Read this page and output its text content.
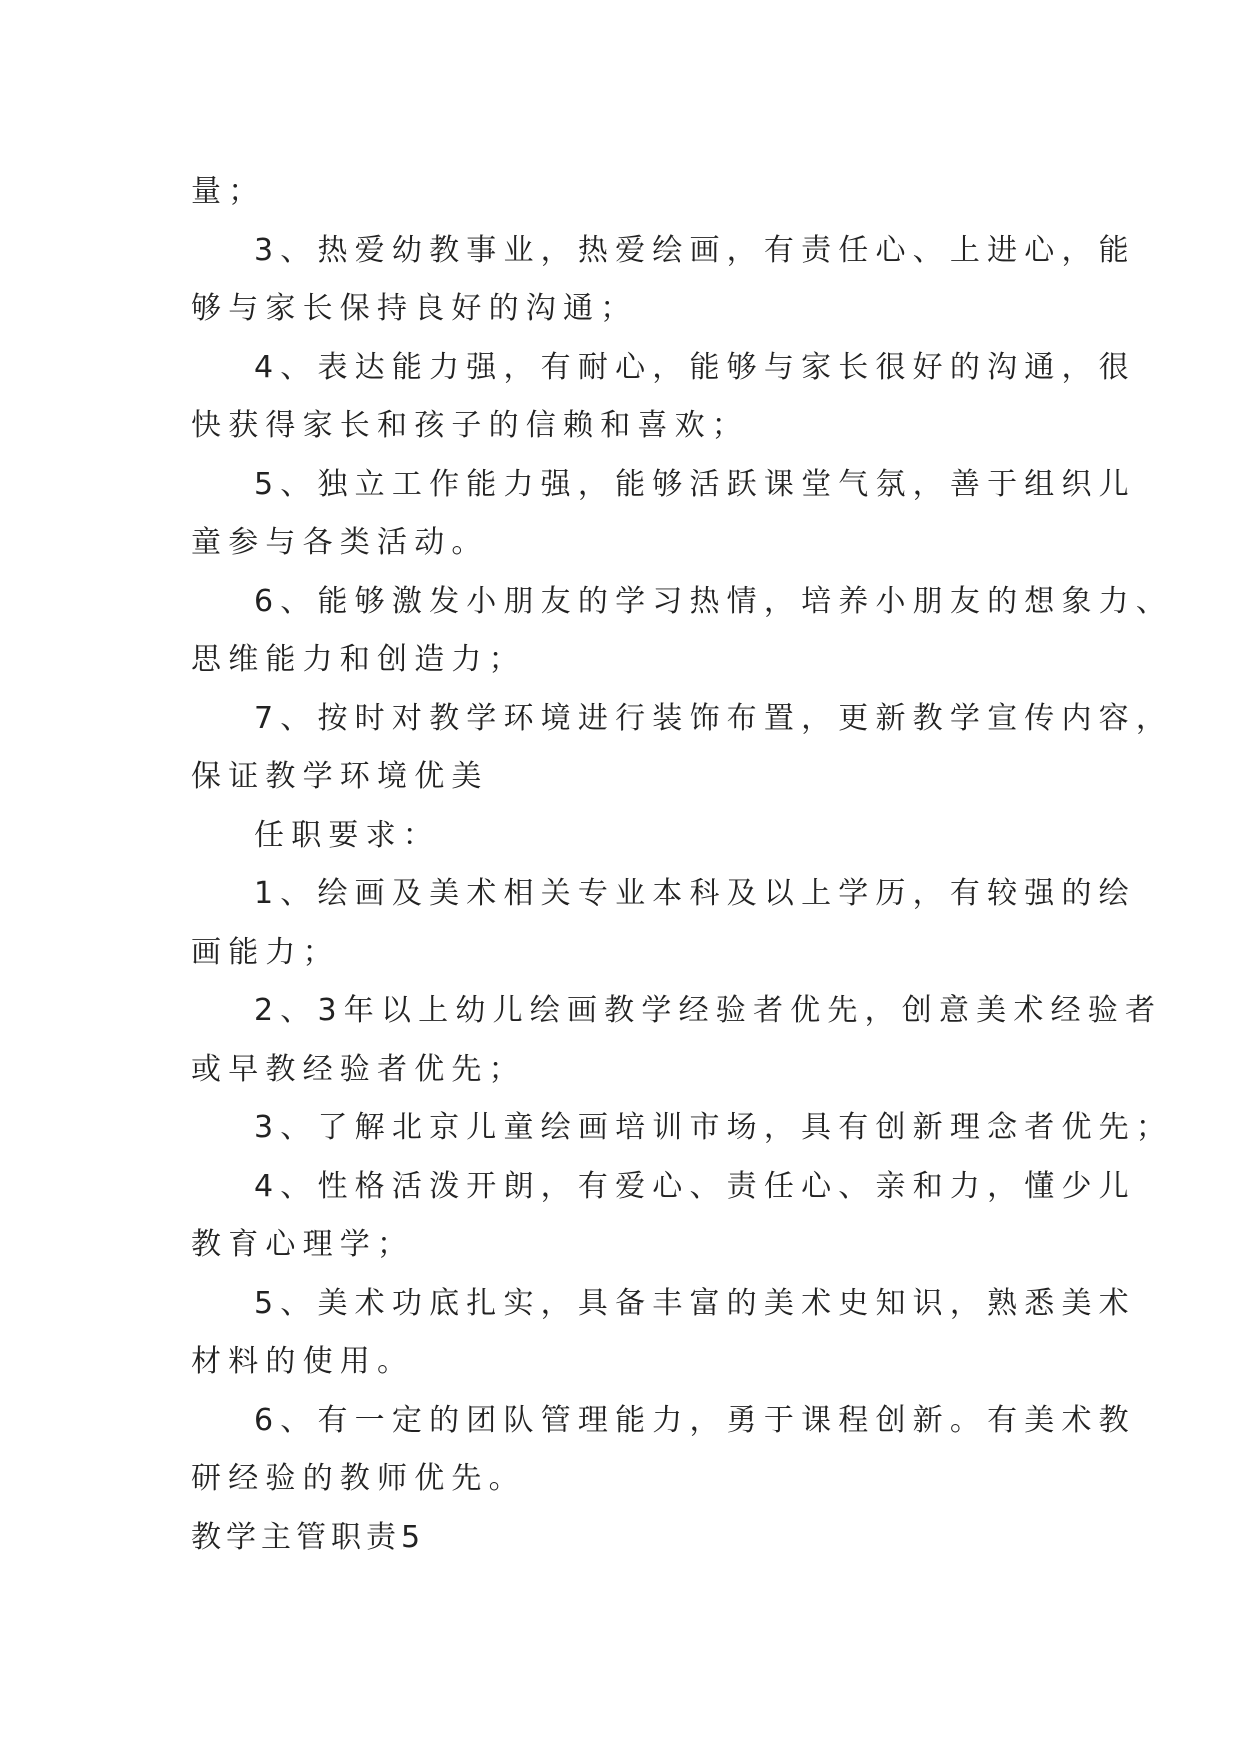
量；
3、热爱幼教事业，热爱绘画，有责任心、上进心，能
够与家长保持良好的沟通；
4、表达能力强，有耐心，能够与家长很好的沟通，很
快获得家长和孩子的信赖和喜欢；
5、独立工作能力强，能够活跃课堂气氛，善于组织儿
童参与各类活动。
6、能够激发小朋友的学习热情，培养小朋友的想象力、
思维能力和创造力；
7、按时对教学环境进行装饰布置，更新教学宣传内容，
保证教学环境优美
任职要求：
1、绘画及美术相关专业本科及以上学历，有较强的绘
画能力；
2、3年以上幼儿绘画教学经验者优先，创意美术经验者
或早教经验者优先；
3、了解北京儿童绘画培训市场，具有创新理念者优先；
4、性格活泼开朗，有爱心、责任心、亲和力，懂少儿
教育心理学；
5、美术功底扎实，具备丰富的美术史知识，熟悉美术
材料的使用。
6、有一定的团队管理能力，勇于课程创新。有美术教
研经验的教师优先。
教学主管职责5
